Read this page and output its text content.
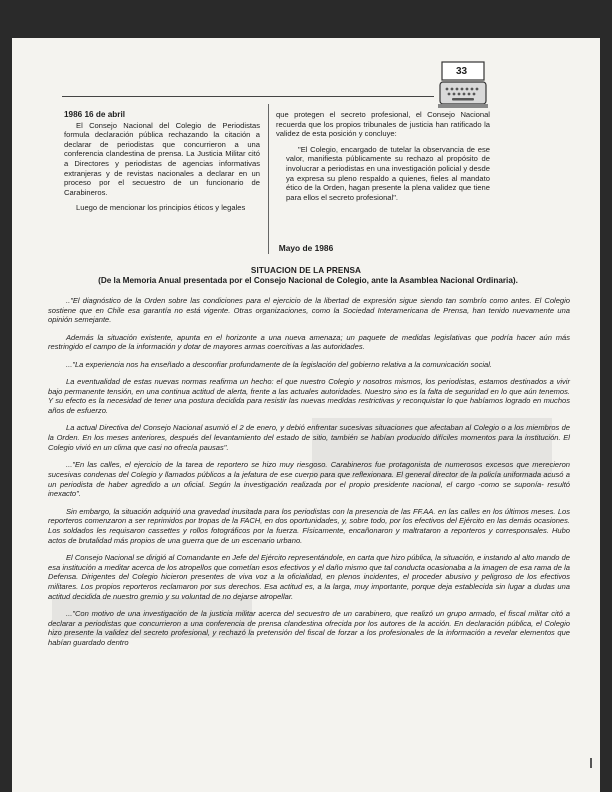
33
1986 16 de abril

El Consejo Nacional del Colegio de Periodistas formula declaración pública rechazando la citación a declarar de periodistas que concurrieron a una conferencia clandestina de prensa. La Justicia Militar citó a Directores y periodistas de agencias informativas extranjeras y de revistas nacionales a declarar en un proceso por el secuestro de un funcionario de Carabineros.

Luego de mencionar los principios éticos y legales

que protegen el secreto profesional, el Consejo Nacional recuerda que los propios tribunales de justicia han ratificado la validez de esta posición y concluye:

"El Colegio, encargado de tutelar la observancia de ese valor, manifiesta públicamente su rechazo al propósito de involucrar a periodistas en una investigación policial y desde ya expresa su pleno respaldo a quienes, fieles al mandato ético de la Orden, hagan presente la plena validez que tiene para ellos el secreto profesional".

Mayo de 1986
SITUACION DE LA PRENSA
(De la Memoria Anual presentada por el Consejo Nacional de Colegio, ante la Asamblea Nacional Ordinaria).

.."El diagnóstico de la Orden sobre las condiciones para el ejercicio de la libertad de expresión sigue siendo tan sombrío como antes. El Colegio sostiene que en Chile esa garantía no está vigente. Otras organizaciones, como la Sociedad Interamericana de Prensa, han tenido nuevamente una opinión semejante.

Además la situación existente, apunta en el horizonte a una nueva amenaza; un paquete de medidas legislativas que podría hacer aún más restringido el campo de la información y dotar de mayores armas coercitivas a las autoridades.

..."La experiencia nos ha enseñado a desconfiar profundamente de la legislación del gobierno relativa a la comunicación social.

La eventualidad de estas nuevas normas reafirma un hecho: el que nuestro Colegio y nosotros mismos, los periodistas, estamos destinados a vivir bajo permanente tensión, en una continua actitud de alerta, frente a las actuales autoridades. Nuestro sino es la falta de seguridad en lo que aún tenemos. Y su efecto es la necesidad de tener una postura decidida para resistir las nuevas medidas restrictivas y reconquistar lo que habíamos logrado en muchos años de esfuerzo.

La actual Directiva del Consejo Nacional asumió el 2 de enero, y debió enfrentar sucesivas situaciones que afectaban al Colegio o a los miembros de la Orden. En los meses anteriores, después del levantamiento del estado de sitio, también se habían producido difíciles momentos para la institución. El Colegio vivió en un clima que casi no ofrecía pausas".

..."En las calles, el ejercicio de la tarea de reportero se hizo muy riesgoso. Carabineros fue protagonista de numerosos excesos que merecieron sucesivas condenas del Colegio y llamados públicos a la jefatura de ese cuerpo para que reflexionara. El general director de la policía uniformada acusó a un periodista de haber agredido a un oficial. Según la investigación realizada por el propio presidente nacional, el cargo -como se suponía- resultó inexacto".

Sin embargo, la situación adquirió una gravedad inusitada para los periodistas con la presencia de las FF.AA. en las calles en los últimos meses. Los reporteros comenzaron a ser reprimidos por tropas de la FACH, en dos oportunidades, y, sobre todo, por los efectivos del Ejército en las demás ocasiones. Los soldados les requisaron cassettes y rollos fotográficos por la fuerza. Físicamente, encañonaron y maltrataron a reporteros y corresponsales. Hubo actos de brutalidad más propios de una guerra que de un escenario urbano.

El Consejo Nacional se dirigió al Comandante en Jefe del Ejército representándole, en carta que hizo pública, la situación, e instando al alto mando de esa institución a meditar acerca de los atropellos que cometían esos efectivos y el daño mismo que tal conducta ocasionaba a la imagen de esa rama de la Defensa. Dirigentes del Colegio hicieron presentes de viva voz a la oficialidad, en plenos incidentes, el proceder abusivo y peligroso de los efectivos militares. Los propios reporteros reclamaron por sus derechos. Esa actitud es, a la larga, muy importante, porque deja establecida sin lugar a dudas una actitud decidida de nuestro gremio y su voluntad de no dejarse atropellar.

..."Con motivo de una investigación de la justicia militar acerca del secuestro de un carabinero, que realizó un grupo armado, el fiscal militar citó a declarar a periodistas que concurrieron a una conferencia de prensa clandestina ofrecida por los autores de la acción. En declaración pública, el Colegio hizo presente la validez del secreto profesional, y rechazó la pretensión del fiscal de forzar a los profesionales de la información a revelar elementos que habían guardado dentro
